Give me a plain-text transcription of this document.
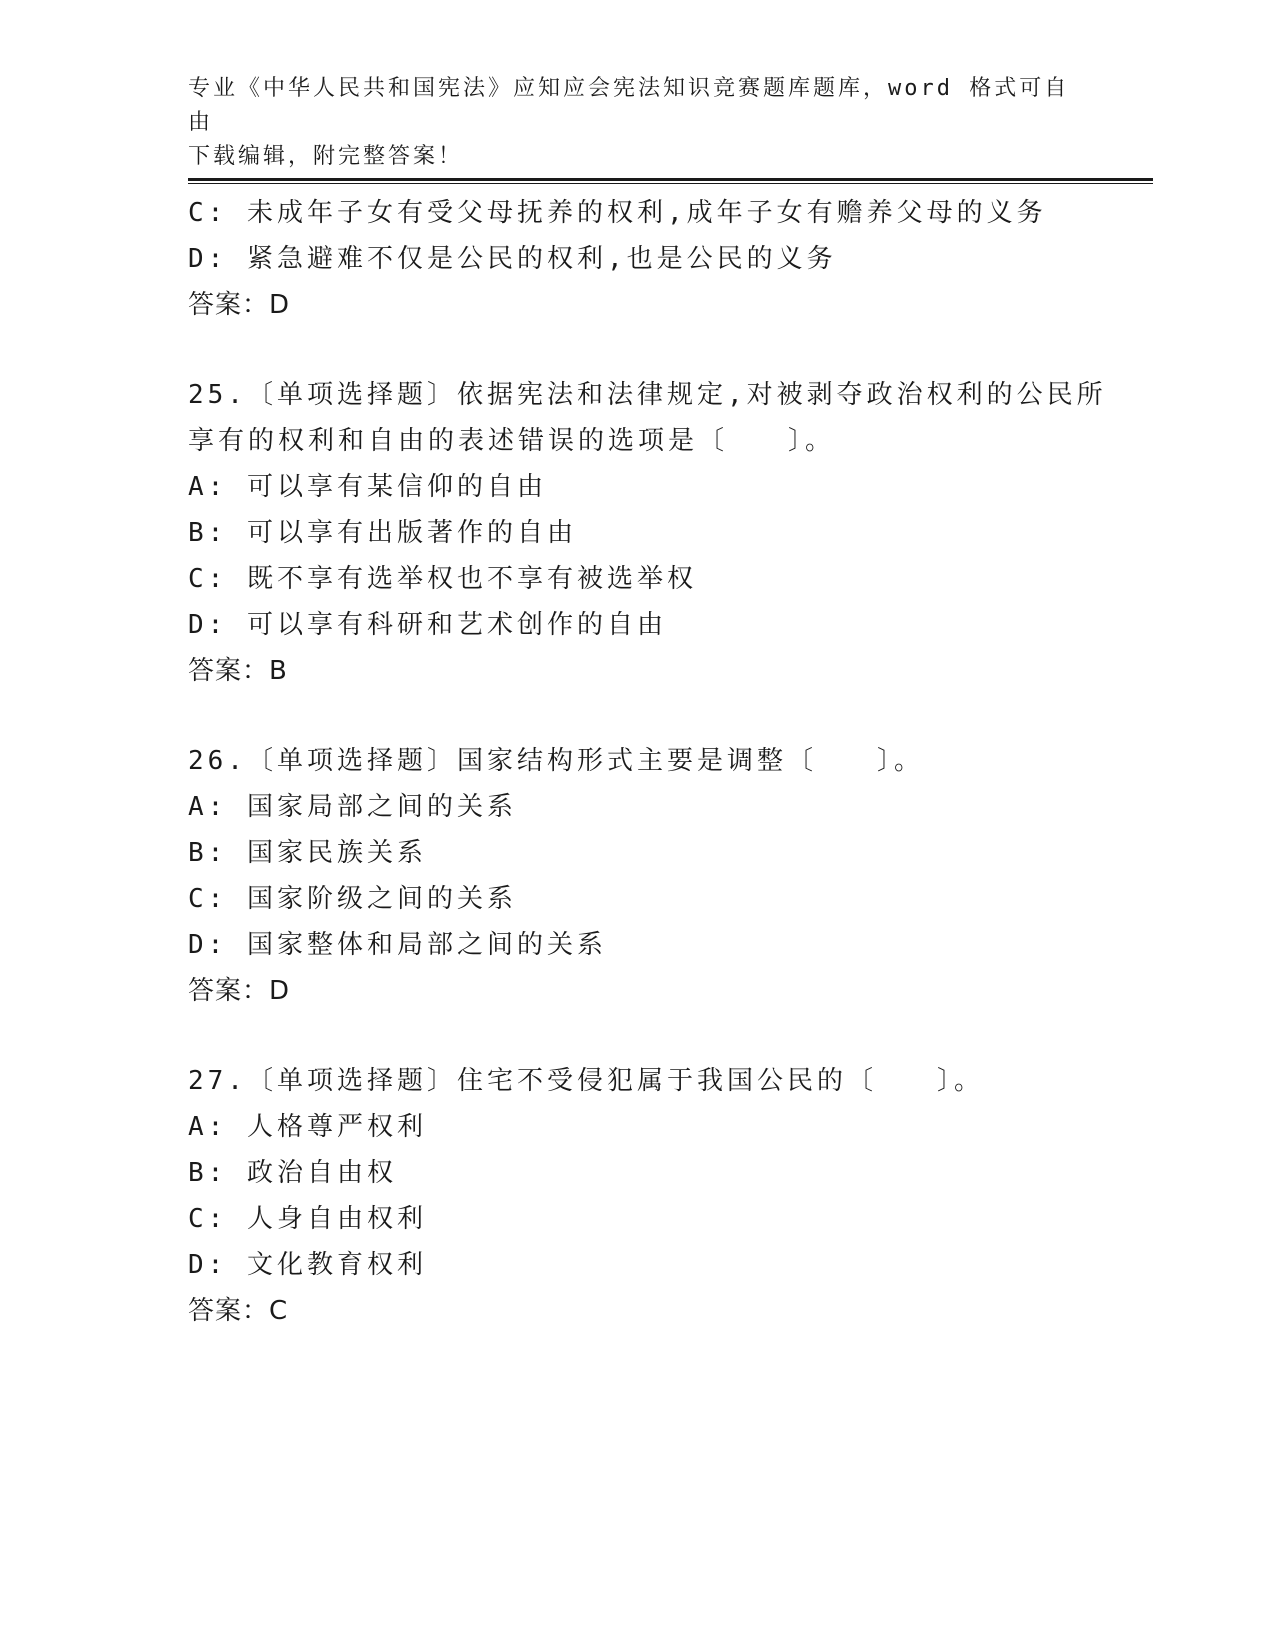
专业《中华人民共和国宪法》应知应会宪法知识竞赛题库题库，word 格式可自由
下载编辑，附完整答案！
C: 未成年子女有受父母抚养的权利,成年子女有赡养父母的义务
D: 紧急避难不仅是公民的权利,也是公民的义务
答案：D
25.〔单项选择题〕依据宪法和法律规定,对被剥夺政治权利的公民所
享有的权利和自由的表述错误的选项是〔　　〕。
A: 可以享有某信仰的自由
B: 可以享有出版著作的自由
C: 既不享有选举权也不享有被选举权
D: 可以享有科研和艺术创作的自由
答案：B
26.〔单项选择题〕国家结构形式主要是调整〔　　〕。
A: 国家局部之间的关系
B: 国家民族关系
C: 国家阶级之间的关系
D: 国家整体和局部之间的关系
答案：D
27.〔单项选择题〕住宅不受侵犯属于我国公民的〔　　〕。
A: 人格尊严权利
B: 政治自由权
C: 人身自由权利
D: 文化教育权利
答案：C
